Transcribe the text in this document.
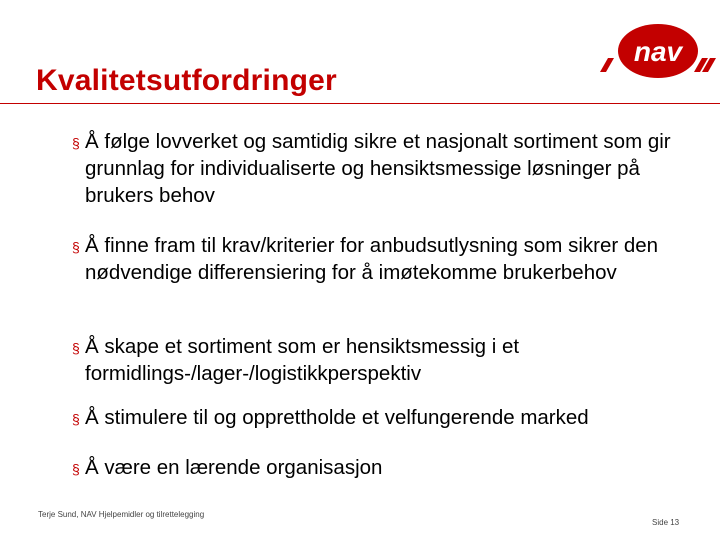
Kvalitetsutfordringer
nav
§ Å følge lovverket og samtidig sikre et nasjonalt sortiment som gir grunnlag for individualiserte og hensiktsmessige løsninger på brukers behov
§ Å finne fram til krav/kriterier for anbudsutlysning som sikrer den nødvendige differensiering for å imøtekomme brukerbehov
§ Å skape et sortiment som er hensiktsmessig i et formidlings-/lager-/logistikkperspektiv
§ Å stimulere til og opprettholde et velfungerende marked
§ Å være en lærende organisasjon
Terje Sund, NAV Hjelpemidler og tilrettelegging
Side 13
